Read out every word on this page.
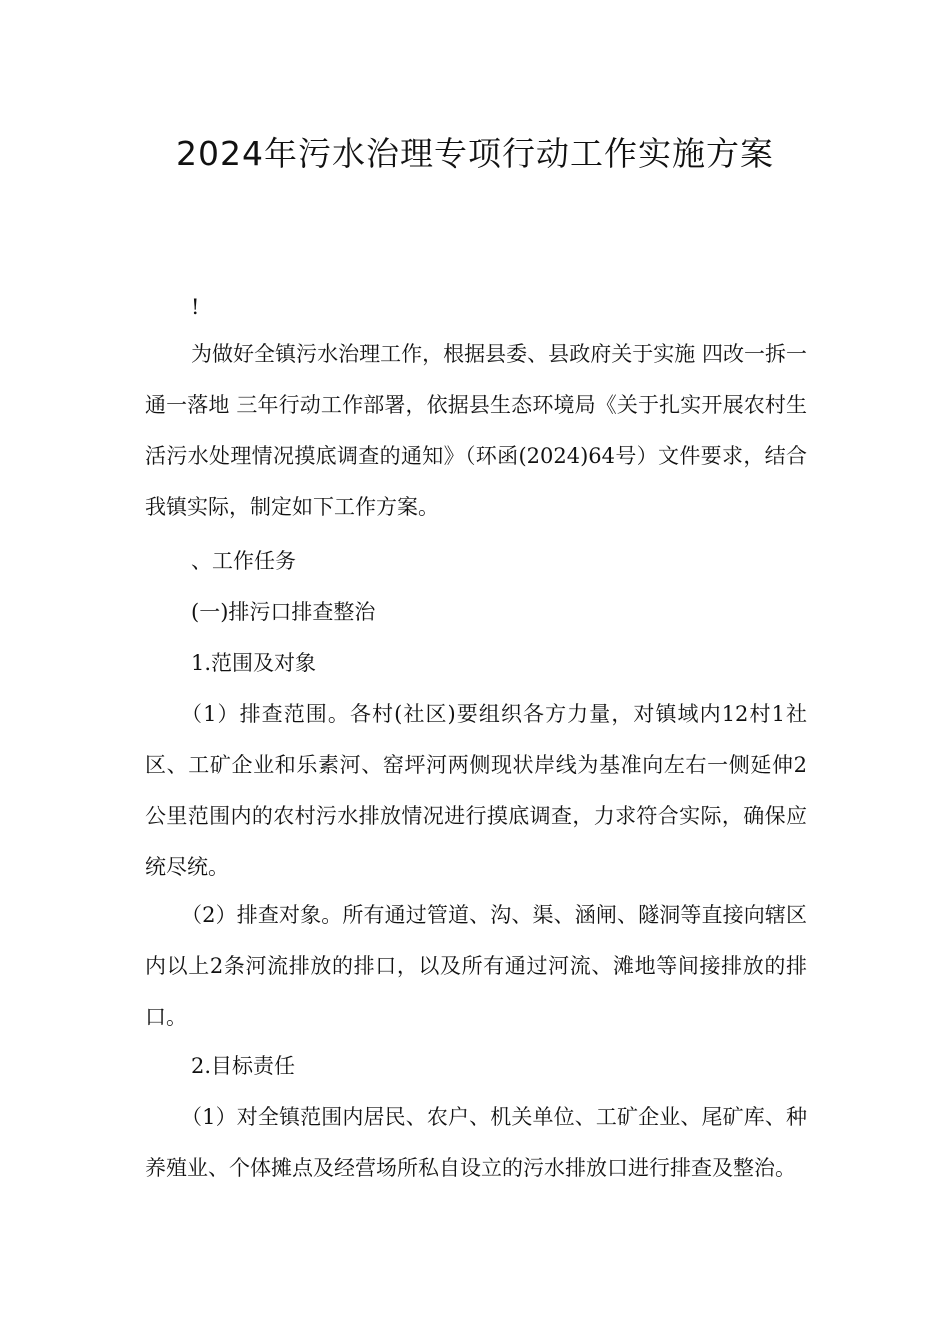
2024年污水治理专项行动工作实施方案

!

为做好全镇污水治理工作，根据县委、县政府关于实施 四改一拆一通一落地 三年行动工作部署，依据县生态环境局《关于扎实开展农村生活污水处理情况摸底调查的通知》（环函(2024)64号）文件要求，结合我镇实际，制定如下工作方案。

、工作任务

(一)排污口排查整治

1.范围及对象

（1）排查范围。各村(社区)要组织各方力量，对镇域内12村1社区、工矿企业和乐素河、窑坪河两侧现状岸线为基准向左右一侧延伸2公里范围内的农村污水排放情况进行摸底调查，力求符合实际，确保应统尽统。

（2）排查对象。所有通过管道、沟、渠、涵闸、隧洞等直接向辖区内以上2条河流排放的排口，以及所有通过河流、滩地等间接排放的排口。

2.目标责任

（1）对全镇范围内居民、农户、机关单位、工矿企业、尾矿库、种养殖业、个体摊点及经营场所私自设立的污水排放口进行排查及整治。
